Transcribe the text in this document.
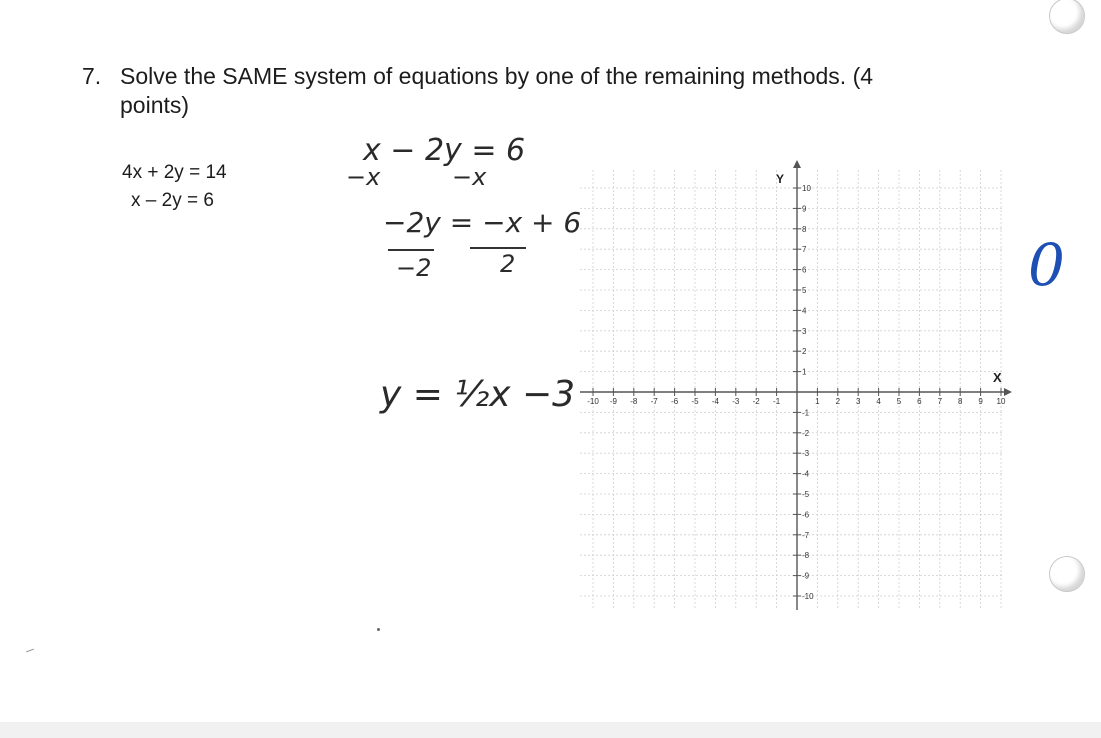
7. Solve the SAME system of equations by one of the remaining methods. (4 points)
4x + 2y = 14
x – 2y = 6
x − 2y = 6
−x	−x
−2y = −x + 6
−2	2
y = ½x −3
0
X
Y
-10 -9 -8 -7 -6 -5 -4 -3 -2 -1	1 2 3 4 5 6 7 8 9 10
10
9
8
7
6
5
4
3
2
1
-1
-2
-3
-4
-5
-6
-7
-8
-9
-10
